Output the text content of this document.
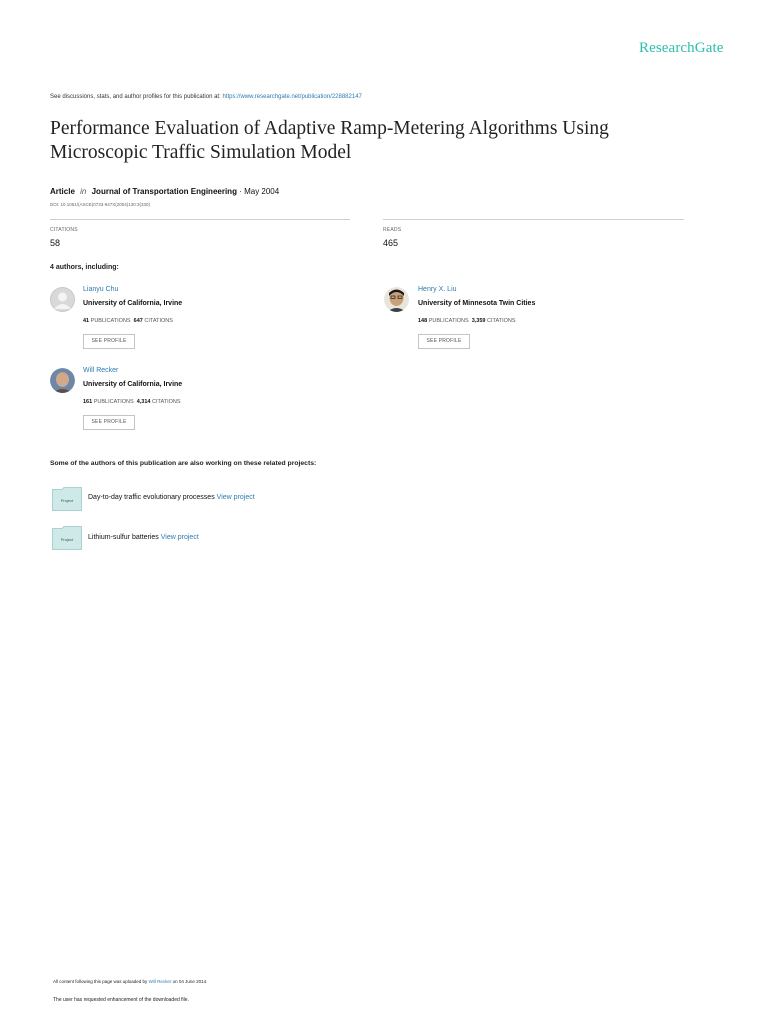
ResearchGate
See discussions, stats, and author profiles for this publication at: https://www.researchgate.net/publication/228882147
Performance Evaluation of Adaptive Ramp-Metering Algorithms Using Microscopic Traffic Simulation Model
Article in Journal of Transportation Engineering · May 2004
DOI: 10.1061/(ASCE)0733-947X(2004)130:3(330)
CITATIONS
58
READS
465
4 authors, including:
Lianyu Chu
University of California, Irvine
41 PUBLICATIONS 647 CITATIONS
SEE PROFILE
Henry X. Liu
University of Minnesota Twin Cities
148 PUBLICATIONS 3,359 CITATIONS
SEE PROFILE
Will Recker
University of California, Irvine
161 PUBLICATIONS 4,314 CITATIONS
SEE PROFILE
Some of the authors of this publication are also working on these related projects:
Project Day-to-day traffic evolutionary processes View project
Project Lithium-sulfur batteries View project
All content following this page was uploaded by Will Recker on 04 June 2014.
The user has requested enhancement of the downloaded file.
